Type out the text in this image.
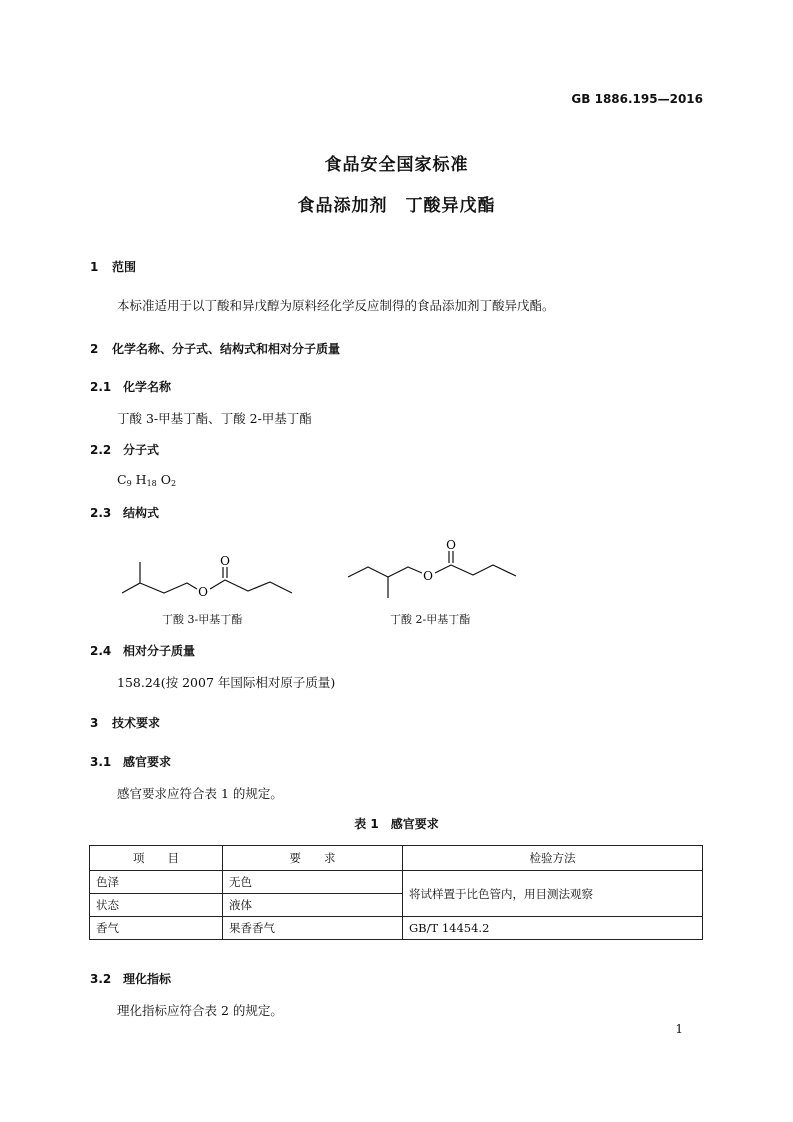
GB 1886.195—2016
食品安全国家标准
食品添加剂　丁酸异戊酯
1 范围
本标准适用于以丁酸和异戊醇为原料经化学反应制得的食品添加剂丁酸异戊酯。
2 化学名称、分子式、结构式和相对分子质量
2.1 化学名称
丁酸 3-甲基丁酯、丁酸 2-甲基丁酯
2.2 分子式
$C_9$ $H_{18}$ $O_2$
2.3 结构式
O
O
丁酸 3-甲基丁酯
O
O
丁酸 2-甲基丁酯
2.4 相对分子质量
158.24(按 2007 年国际相对原子质量)
3 技术要求
3.1 感官要求
感官要求应符合表 1 的规定。
表 1　感官要求
项　　目	要　　求	检验方法
色泽	无色	将试样置于比色管内，用目测法观察
状态	液体	
香气	果香香气	GB/T 14454.2
3.2 理化指标
理化指标应符合表 2 的规定。
1
